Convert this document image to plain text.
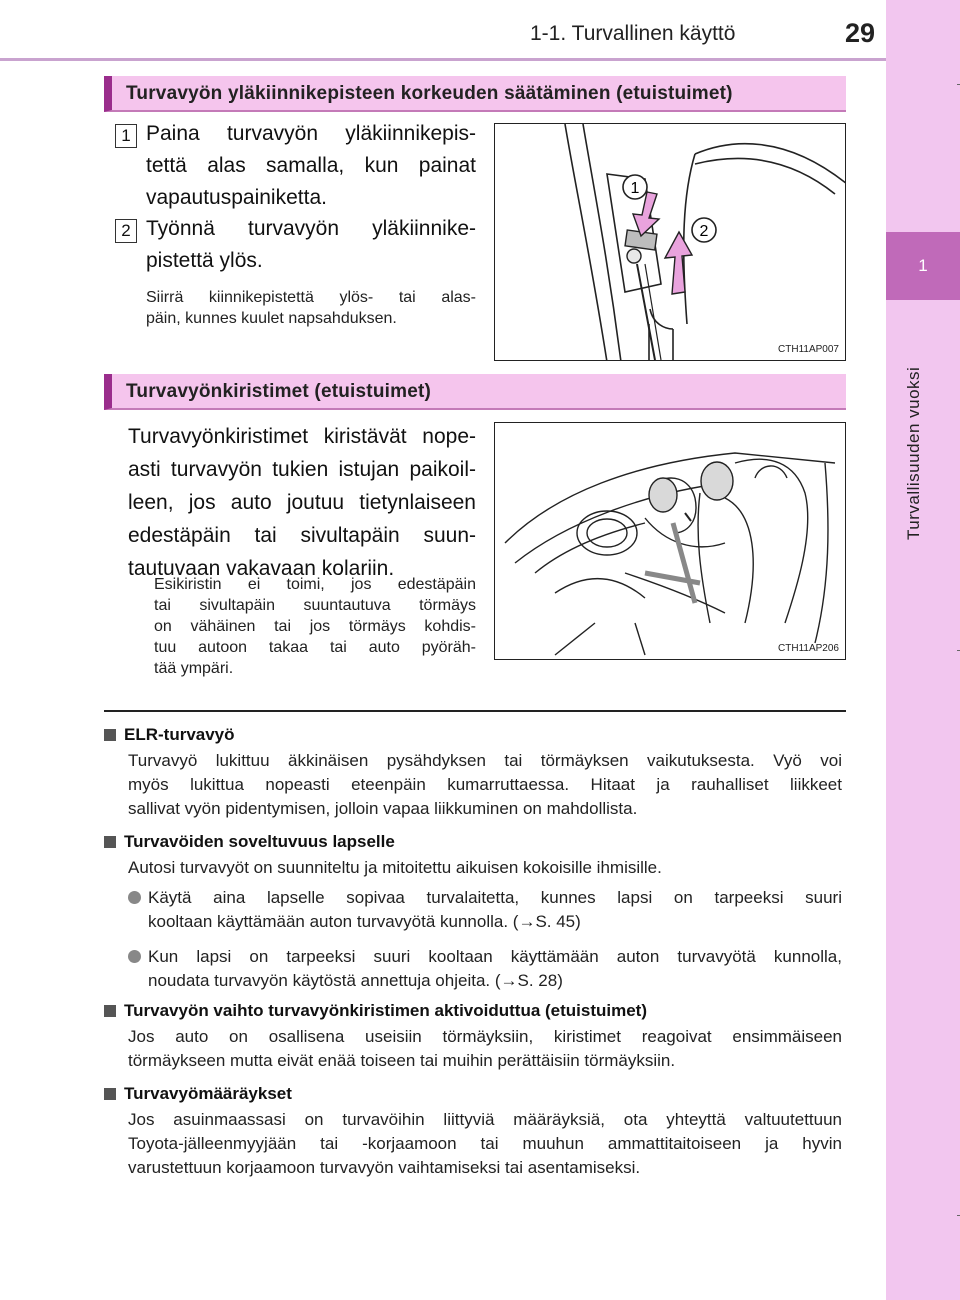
1-1. Turvallinen käyttö	29
1
Turvallisuuden vuoksi
Turvavyön yläkiinnikepisteen korkeuden säätäminen (etuistuimet)
1 Paina turvavyön yläkiinnikepis-
tettä alas samalla, kun painat
vapautuspainiketta.
2 Työnnä turvavyön yläkiinnike-
pistettä ylös.
Siirrä kiinnikepistettä ylös- tai alas-
päin, kunnes kuulet napsahduksen.
1
2
CTH11AP007
Turvavyönkiristimet (etuistuimet)
Turvavyönkiristimet kiristävät nope-
asti turvavyön tukien istujan paikoil-
leen, jos auto joutuu tietynlaiseen
edestäpäin tai sivultapäin suun-
tautuvaan vakavaan kolariin.
Esikiristin ei toimi, jos edestäpäin
tai sivultapäin suuntautuva törmäys
on vähäinen tai jos törmäys kohdis-
tuu autoon takaa tai auto pyöräh-
tää ympäri.
CTH11AP206
ELR-turvavyö
Turvavyö lukittuu äkkinäisen pysähdyksen tai törmäyksen vaikutuksesta. Vyö voi
myös lukittua nopeasti eteenpäin kumarruttaessa. Hitaat ja rauhalliset liikkeet
sallivat vyön pidentymisen, jolloin vapaa liikkuminen on mahdollista.
Turvavöiden soveltuvuus lapselle
Autosi turvavyöt on suunniteltu ja mitoitettu aikuisen kokoisille ihmisille.
Käytä aina lapselle sopivaa turvalaitetta, kunnes lapsi on tarpeeksi suuri
kooltaan käyttämään auton turvavyötä kunnolla. (→S. 45)
Kun lapsi on tarpeeksi suuri kooltaan käyttämään auton turvavyötä kunnolla,
noudata turvavyön käytöstä annettuja ohjeita. (→S. 28)
Turvavyön vaihto turvavyönkiristimen aktivoiduttua (etuistuimet)
Jos auto on osallisena useisiin törmäyksiin, kiristimet reagoivat ensimmäiseen
törmäykseen mutta eivät enää toiseen tai muihin perättäisiin törmäyksiin.
Turvavyömääräykset
Jos asuinmaassasi on turvavöihin liittyviä määräyksiä, ota yhteyttä valtuutettuun
Toyota-jälleenmyyjään tai -korjaamoon tai muuhun ammattitaitoiseen ja hyvin
varustettuun korjaamoon turvavyön vaihtamiseksi tai asentamiseksi.
